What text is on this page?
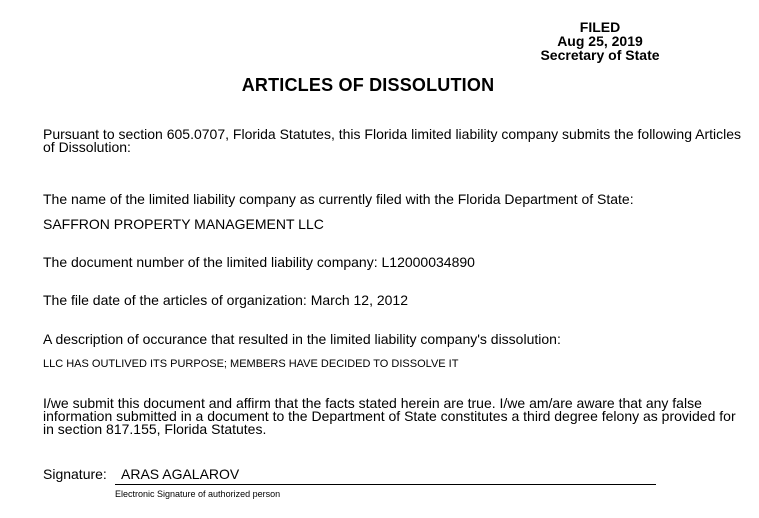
FILED
Aug 25, 2019
Secretary of State
ARTICLES OF DISSOLUTION
Pursuant to section 605.0707, Florida Statutes, this Florida limited liability company submits the following Articles of Dissolution:
The name of the limited liability company as currently filed with the Florida Department of State:
SAFFRON PROPERTY MANAGEMENT LLC
The document number of the limited liability company: L12000034890
The file date of the articles of organization: March 12, 2012
A description of occurance that resulted in the limited liability company's dissolution:
LLC HAS OUTLIVED ITS PURPOSE; MEMBERS HAVE DECIDED TO DISSOLVE IT
I/we submit this document and affirm that the facts stated herein are true. I/we am/are aware that any false information submitted in a document to the Department of State constitutes a third degree felony as provided for in section 817.155, Florida Statutes.
Signature: ARAS AGALAROV
Electronic Signature of authorized person
